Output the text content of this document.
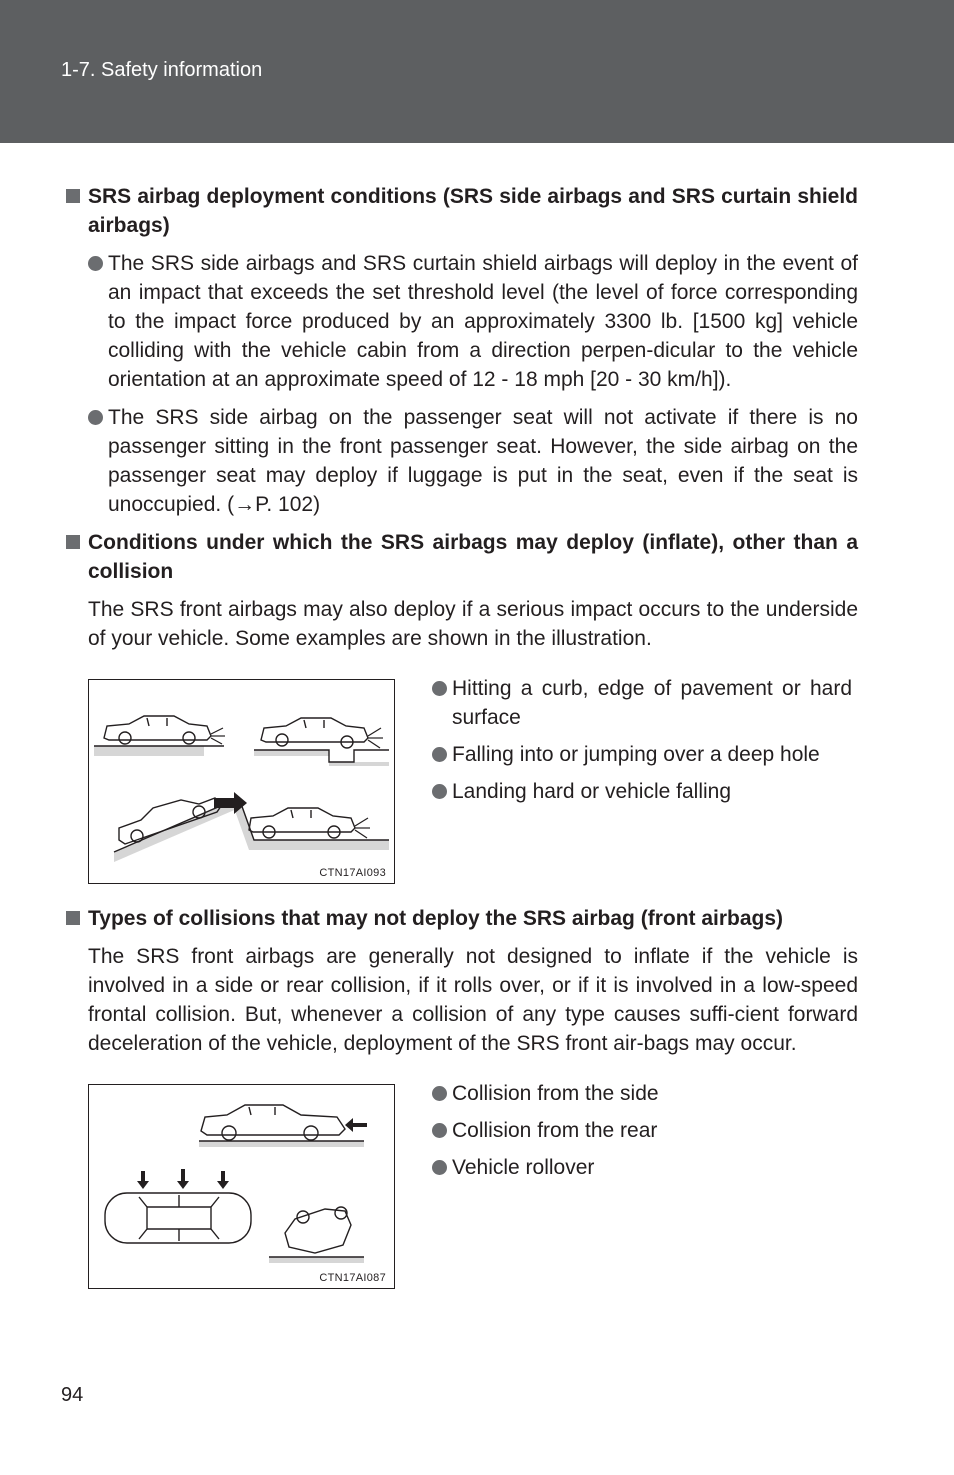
1-7. Safety information
SRS airbag deployment conditions (SRS side airbags and SRS curtain shield airbags)
The SRS side airbags and SRS curtain shield airbags will deploy in the event of an impact that exceeds the set threshold level (the level of force corresponding to the impact force produced by an approximately 3300 lb. [1500 kg] vehicle colliding with the vehicle cabin from a direction perpen-dicular to the vehicle orientation at an approximate speed of 12 - 18 mph [20 - 30 km/h]).
The SRS side airbag on the passenger seat will not activate if there is no passenger sitting in the front passenger seat. However, the side airbag on the passenger seat may deploy if luggage is put in the seat, even if the seat is unoccupied. (→P. 102)
Conditions under which the SRS airbags may deploy (inflate), other than a collision
The SRS front airbags may also deploy if a serious impact occurs to the underside of your vehicle. Some examples are shown in the illustration.
CTN17AI093
Hitting a curb, edge of pavement or hard surface
Falling into or jumping over a deep hole
Landing hard or vehicle falling
Types of collisions that may not deploy the SRS airbag (front airbags)
The SRS front airbags are generally not designed to inflate if the vehicle is involved in a side or rear collision, if it rolls over, or if it is involved in a low-speed frontal collision. But, whenever a collision of any type causes suffi-cient forward deceleration of the vehicle, deployment of the SRS front air-bags may occur.
CTN17AI087
Collision from the side
Collision from the rear
Vehicle rollover
94
